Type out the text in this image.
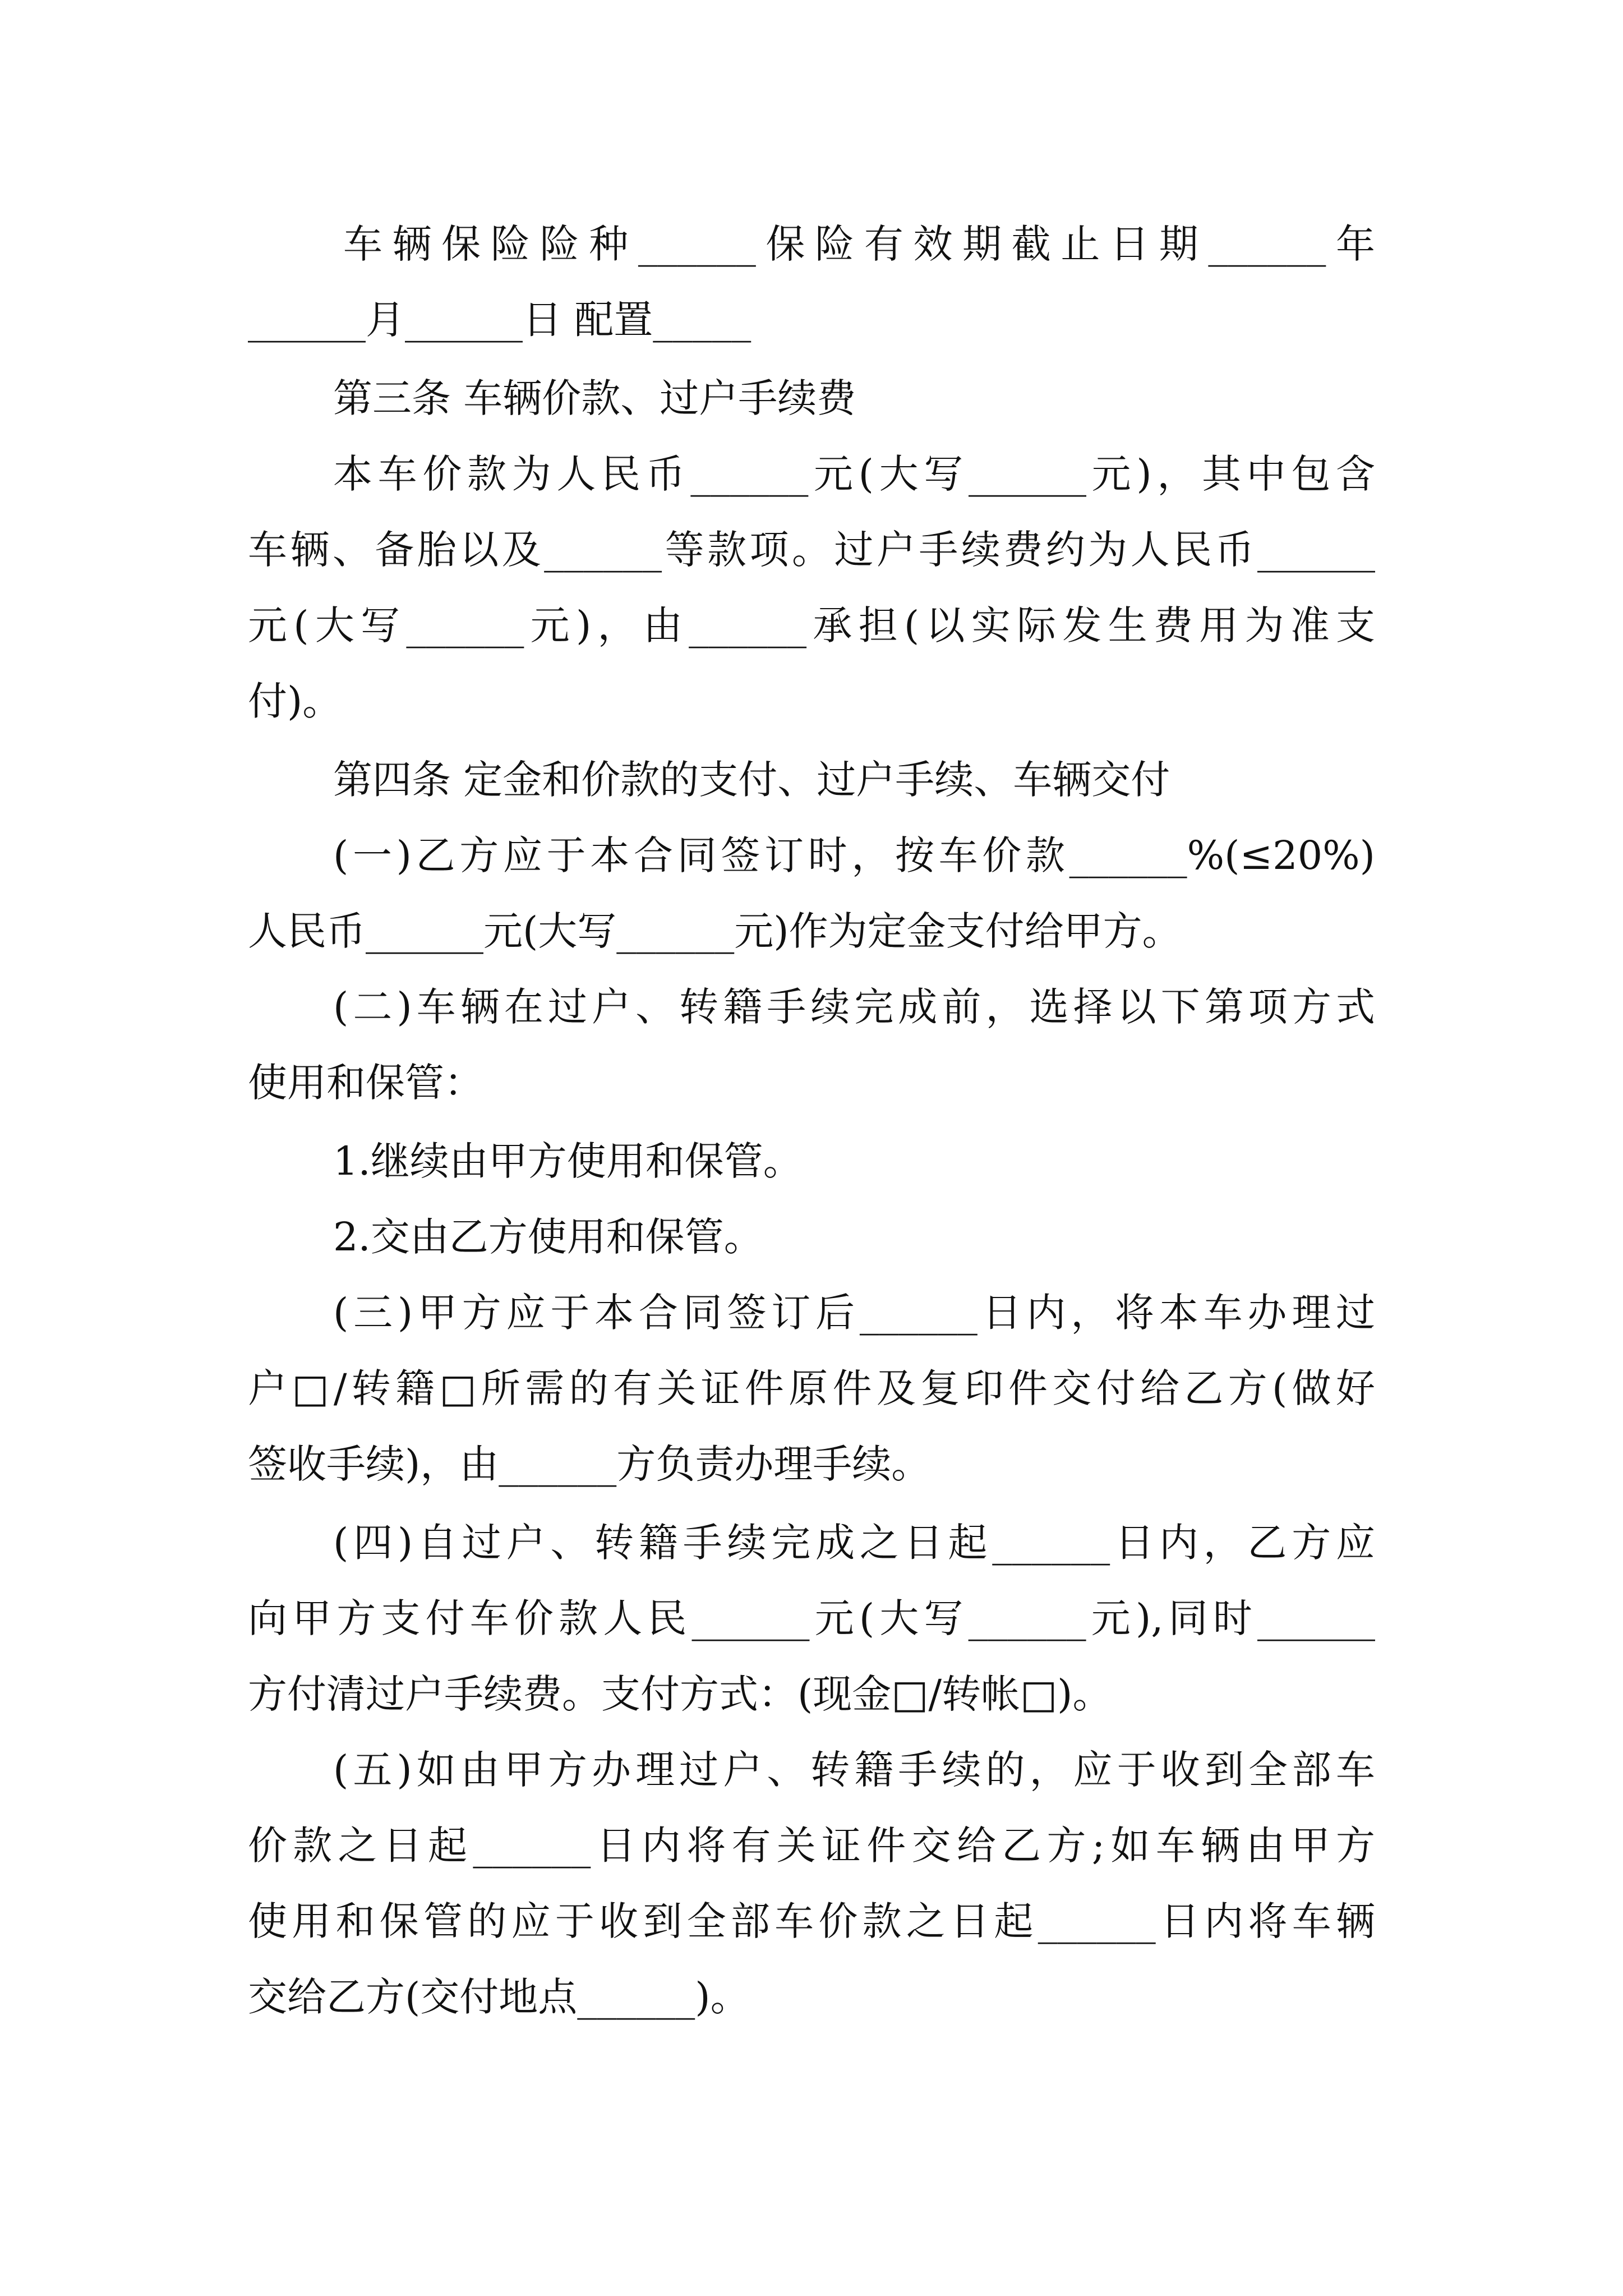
车辆保险险种______保险有效期截止日期______年
______月______日 配置_____
第三条 车辆价款、过户手续费
本车价款为人民币______元(大写______元)，其中包含
车辆、备胎以及______等款项。过户手续费约为人民币______
元(大写______元)，由______承担(以实际发生费用为准支
付)。
第四条 定金和价款的支付、过户手续、车辆交付
(一)乙方应于本合同签订时，按车价款______%(≤20%)
人民币______元(大写______元)作为定金支付给甲方。
(二)车辆在过户、转籍手续完成前，选择以下第项方式
使用和保管：
1.继续由甲方使用和保管。
2.交由乙方使用和保管。
(三)甲方应于本合同签订后______日内，将本车办理过
户□/转籍□所需的有关证件原件及复印件交付给乙方(做好
签收手续)，由______方负责办理手续。
(四)自过户、转籍手续完成之日起______日内，乙方应
向甲方支付车价款人民______元(大写______元),同时______
方付清过户手续费。支付方式：(现金□/转帐□)。
(五)如由甲方办理过户、转籍手续的，应于收到全部车
价款之日起______日内将有关证件交给乙方;如车辆由甲方
使用和保管的应于收到全部车价款之日起______日内将车辆
交给乙方(交付地点______)。
